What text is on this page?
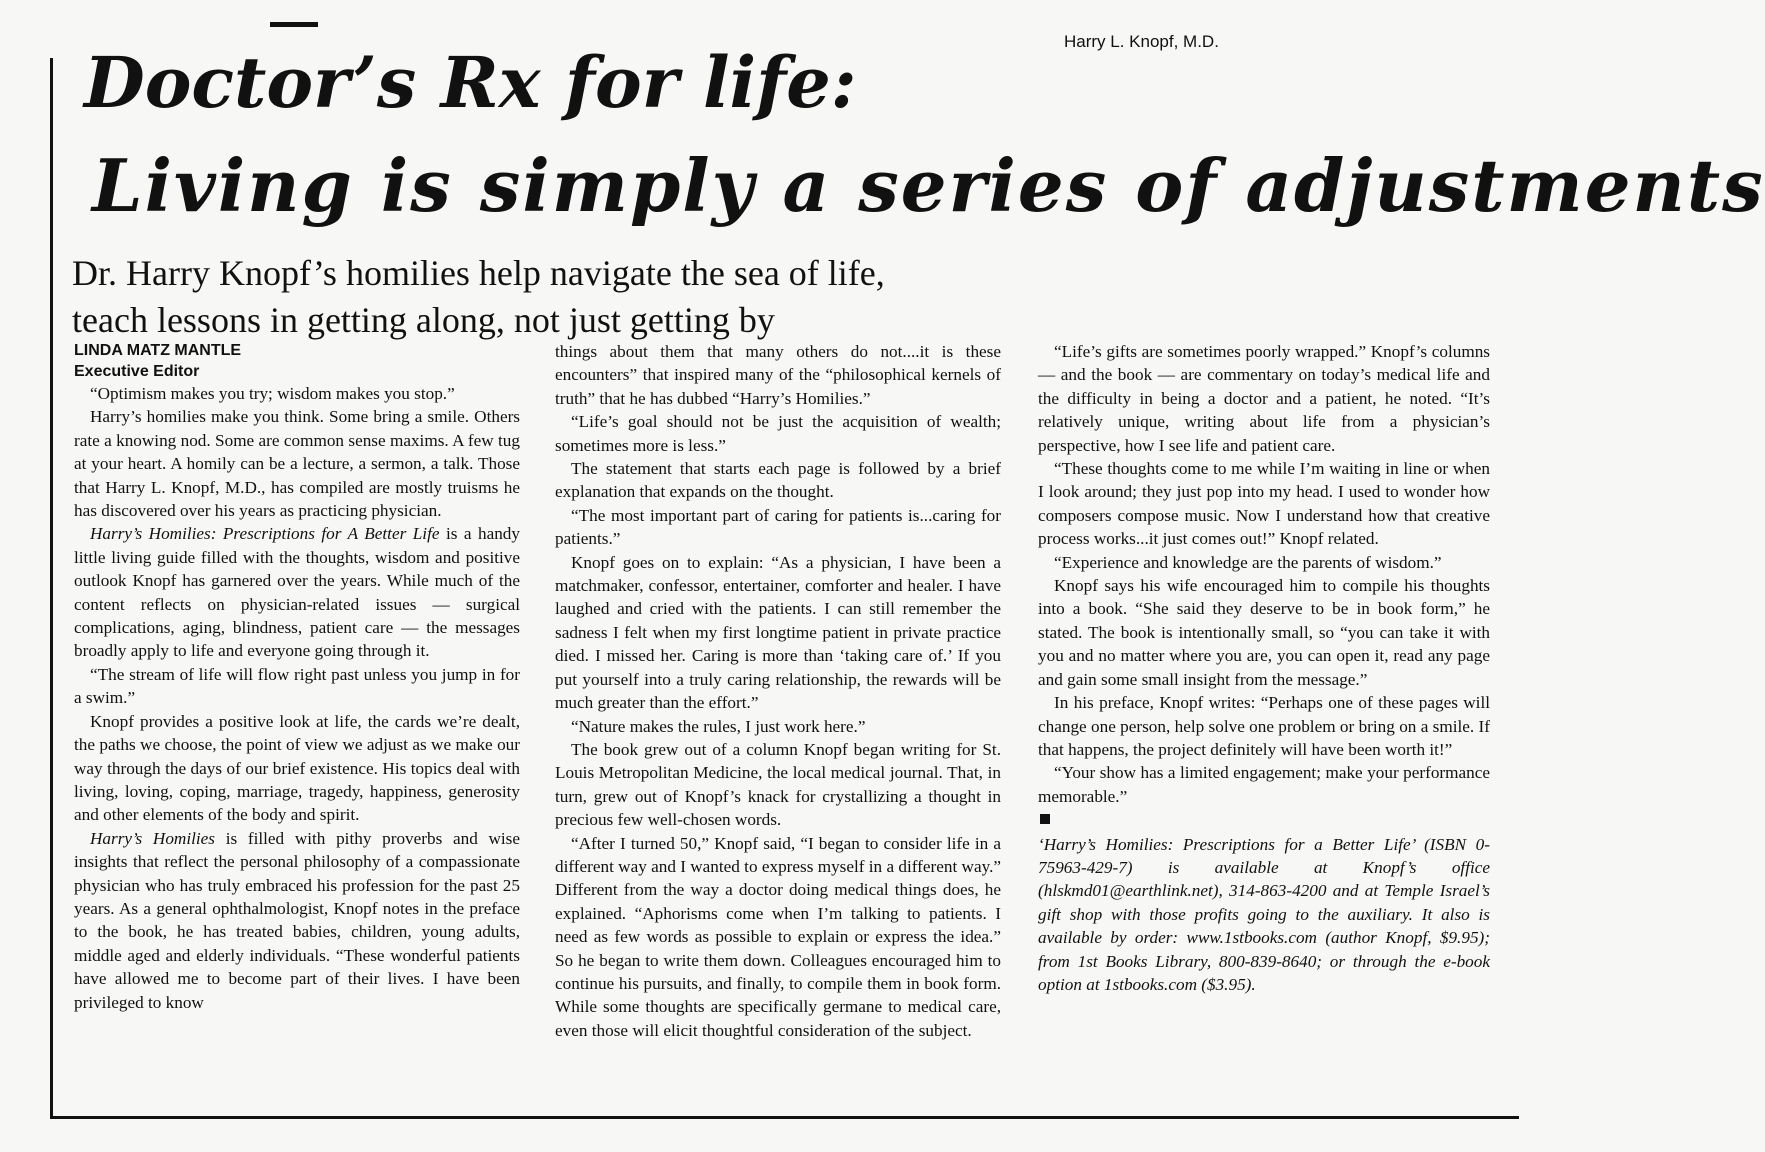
Harry L. Knopf, M.D.
Doctor’s Rx for life:
Living is simply a series of adjustments
Dr. Harry Knopf’s homilies help navigate the sea of life,
teach lessons in getting along, not just getting by
LINDA MATZ MANTLE
Executive Editor

“Optimism makes you try; wisdom makes you stop.”

Harry’s homilies make you think. Some bring a smile. Others rate a knowing nod. Some are common sense maxims. A few tug at your heart. A homily can be a lecture, a sermon, a talk. Those that Harry L. Knopf, M.D., has compiled are mostly truisms he has discovered over his years as practicing physician.

Harry’s Homilies: Prescriptions for A Better Life is a handy little living guide filled with the thoughts, wisdom and positive outlook Knopf has garnered over the years. While much of the content reflects on physician-related issues — surgical complications, aging, blindness, patient care — the messages broadly apply to life and everyone going through it.

“The stream of life will flow right past unless you jump in for a swim.”

Knopf provides a positive look at life, the cards we’re dealt, the paths we choose, the point of view we adjust as we make our way through the days of our brief existence. His topics deal with living, loving, coping, marriage, tragedy, happiness, generosity and other elements of the body and spirit.

Harry’s Homilies is filled with pithy proverbs and wise insights that reflect the personal philosophy of a compassionate physician who has truly embraced his profession for the past 25 years. As a general ophthalmologist, Knopf notes in the preface to the book, he has treated babies, children, young adults, middle aged and elderly individuals. “These wonderful patients have allowed me to become part of their lives. I have been privileged to know

things about them that many others do not....it is these encounters” that inspired many of the “philosophical kernels of truth” that he has dubbed “Harry’s Homilies.”

“Life’s goal should not be just the acquisition of wealth; sometimes more is less.”

The statement that starts each page is followed by a brief explanation that expands on the thought.

“The most important part of caring for patients is...caring for patients.”

Knopf goes on to explain: “As a physician, I have been a matchmaker, confessor, entertainer, comforter and healer. I have laughed and cried with the patients. I can still remember the sadness I felt when my first longtime patient in private practice died. I missed her. Caring is more than ‘taking care of.’ If you put yourself into a truly caring relationship, the rewards will be much greater than the effort.”

“Nature makes the rules, I just work here.”

The book grew out of a column Knopf began writing for St. Louis Metropolitan Medicine, the local medical journal. That, in turn, grew out of Knopf’s knack for crystallizing a thought in precious few well-chosen words.

“After I turned 50,” Knopf said, “I began to consider life in a different way and I wanted to express myself in a different way.” Different from the way a doctor doing medical things does, he explained. “Aphorisms come when I’m talking to patients. I need as few words as possible to explain or express the idea.” So he began to write them down. Colleagues encouraged him to continue his pursuits, and finally, to compile them in book form. While some thoughts are specifically germane to medical care, even those will elicit thoughtful consideration of the subject.

“Life’s gifts are sometimes poorly wrapped.” Knopf’s columns — and the book — are commentary on today’s medical life and the difficulty in being a doctor and a patient, he noted. “It’s relatively unique, writing about life from a physician’s perspective, how I see life and patient care.

“These thoughts come to me while I’m waiting in line or when I look around; they just pop into my head. I used to wonder how composers compose music. Now I understand how that creative process works...it just comes out!” Knopf related.

“Experience and knowledge are the parents of wisdom.”

Knopf says his wife encouraged him to compile his thoughts into a book. “She said they deserve to be in book form,” he stated. The book is intentionally small, so “you can take it with you and no matter where you are, you can open it, read any page and gain some small insight from the message.”

In his preface, Knopf writes: “Perhaps one of these pages will change one person, help solve one problem or bring on a smile. If that happens, the project definitely will have been worth it!”

“Your show has a limited engagement; make your performance memorable.”

‘Harry’s Homilies: Prescriptions for a Better Life’ (ISBN 0-75963-429-7) is available at Knopf’s office (hlskmd01@earthlink.net), 314-863-4200 and at Temple Israel’s gift shop with those profits going to the auxiliary. It also is available by order: www.1stbooks.com (author Knopf, $9.95); from 1st Books Library, 800-839-8640; or through the e-book option at 1stbooks.com ($3.95).
